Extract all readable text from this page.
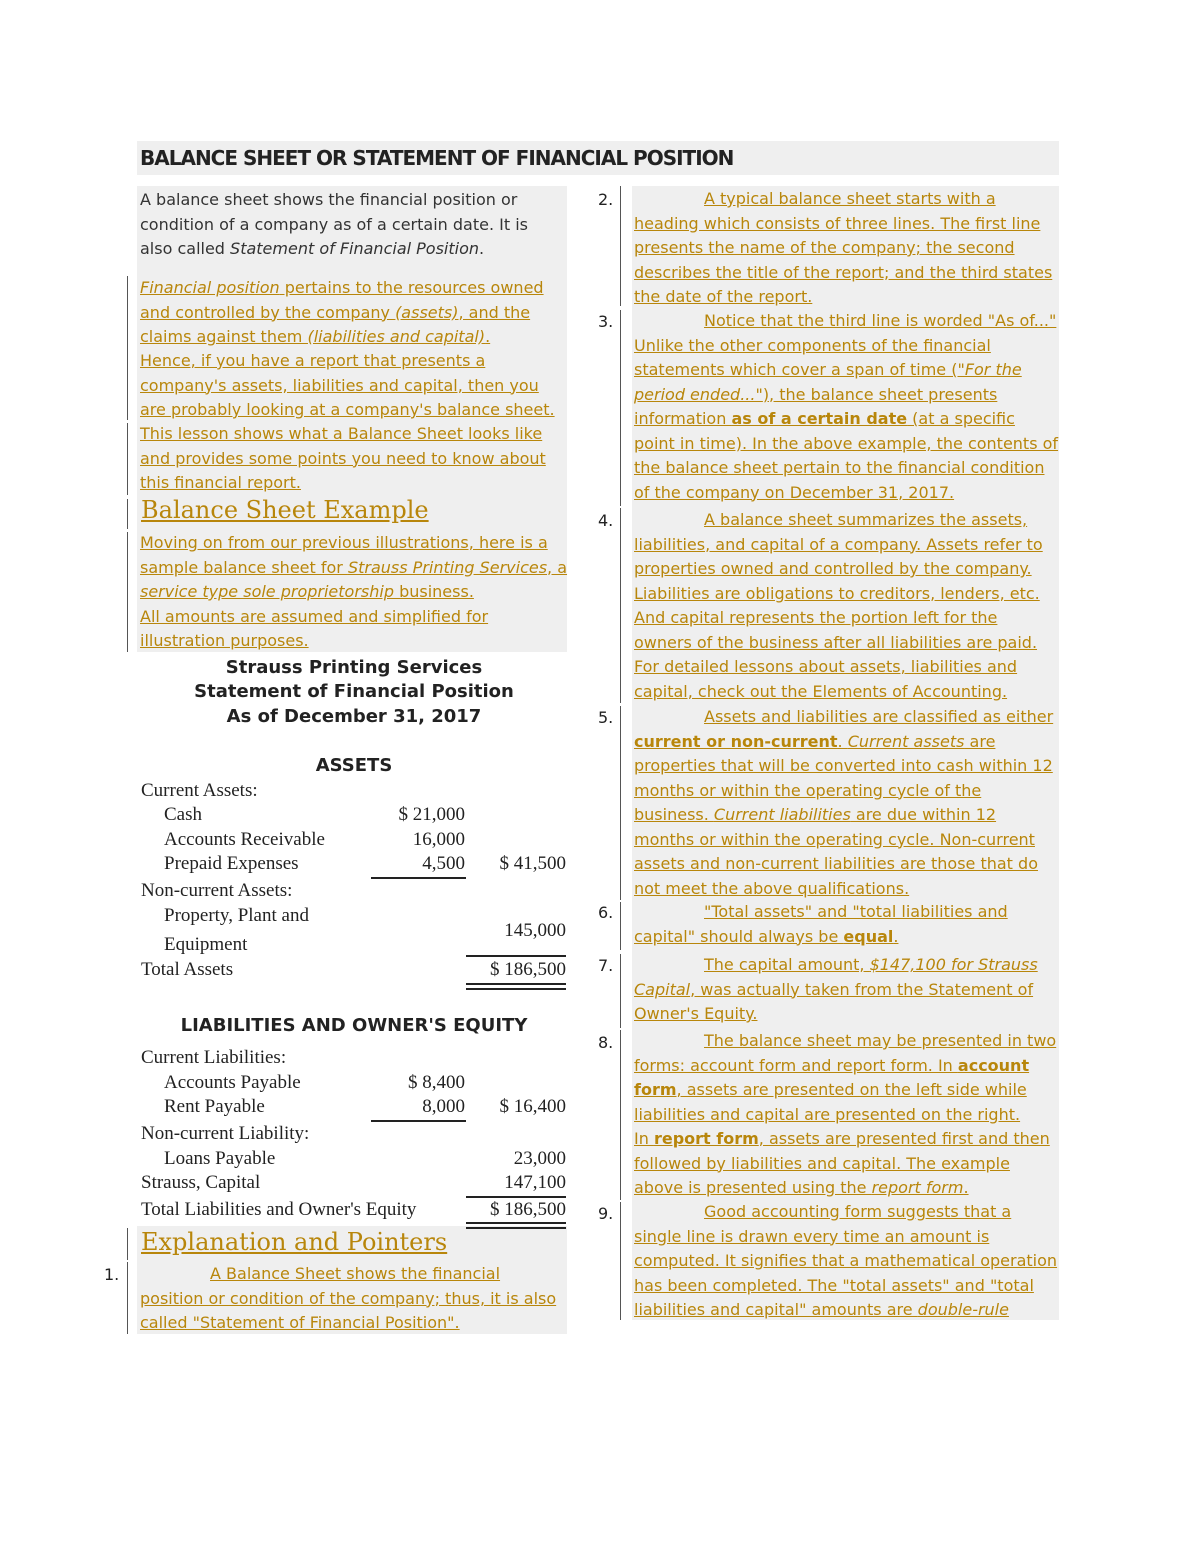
BALANCE SHEET OR STATEMENT OF FINANCIAL POSITION
A balance sheet shows the financial position or condition of a company as of a certain date. It is also called Statement of Financial Position.
Financial position pertains to the resources owned and controlled by the company (assets), and the claims against them (liabilities and capital).
Hence, if you have a report that presents a company's assets, liabilities and capital, then you are probably looking at a company's balance sheet.
This lesson shows what a Balance Sheet looks like and provides some points you need to know about this financial report.
Balance Sheet Example
Moving on from our previous illustrations, here is a sample balance sheet for Strauss Printing Services, a service type sole proprietorship business.
All amounts are assumed and simplified for illustration purposes.
Strauss Printing Services
Statement of Financial Position
As of December 31, 2017
ASSETS
Current Assets:
Cash	$ 21,000
Accounts Receivable	16,000
Prepaid Expenses	4,500 $ 41,500
Non-current Assets:
Property, Plant and
145,000
Equipment
Total Assets	$ 186,500
LIABILITIES AND OWNER'S EQUITY
Current Liabilities:
Accounts Payable	$ 8,400
Rent Payable	8,000 $ 16,400
Non-current Liability:
Loans Payable	23,000
Strauss, Capital	147,100
Total Liabilities and Owner's Equity	$ 186,500
Explanation and Pointers
1.	A Balance Sheet shows the financial position or condition of the company; thus, it is also called "Statement of Financial Position".
2.	A typical balance sheet starts with a heading which consists of three lines. The first line presents the name of the company; the second describes the title of the report; and the third states the date of the report.
3.	Notice that the third line is worded "As of..." Unlike the other components of the financial statements which cover a span of time ("For the period ended..."), the balance sheet presents information as of a certain date (at a specific point in time). In the above example, the contents of the balance sheet pertain to the financial condition of the company on December 31, 2017.
4.	A balance sheet summarizes the assets, liabilities, and capital of a company. Assets refer to properties owned and controlled by the company. Liabilities are obligations to creditors, lenders, etc. And capital represents the portion left for the owners of the business after all liabilities are paid. For detailed lessons about assets, liabilities and capital, check out the Elements of Accounting.
5.	Assets and liabilities are classified as either current or non-current. Current assets are properties that will be converted into cash within 12 months or within the operating cycle of the business. Current liabilities are due within 12 months or within the operating cycle. Non-current assets and non-current liabilities are those that do not meet the above qualifications.
6.	"Total assets" and "total liabilities and capital" should always be equal.
7.	The capital amount, $147,100 for Strauss Capital, was actually taken from the Statement of Owner's Equity.
8.	The balance sheet may be presented in two forms: account form and report form. In account form, assets are presented on the left side while liabilities and capital are presented on the right.
In report form, assets are presented first and then followed by liabilities and capital. The example above is presented using the report form.
9.	Good accounting form suggests that a single line is drawn every time an amount is computed. It signifies that a mathematical operation has been completed. The "total assets" and "total liabilities and capital" amounts are double-rule
